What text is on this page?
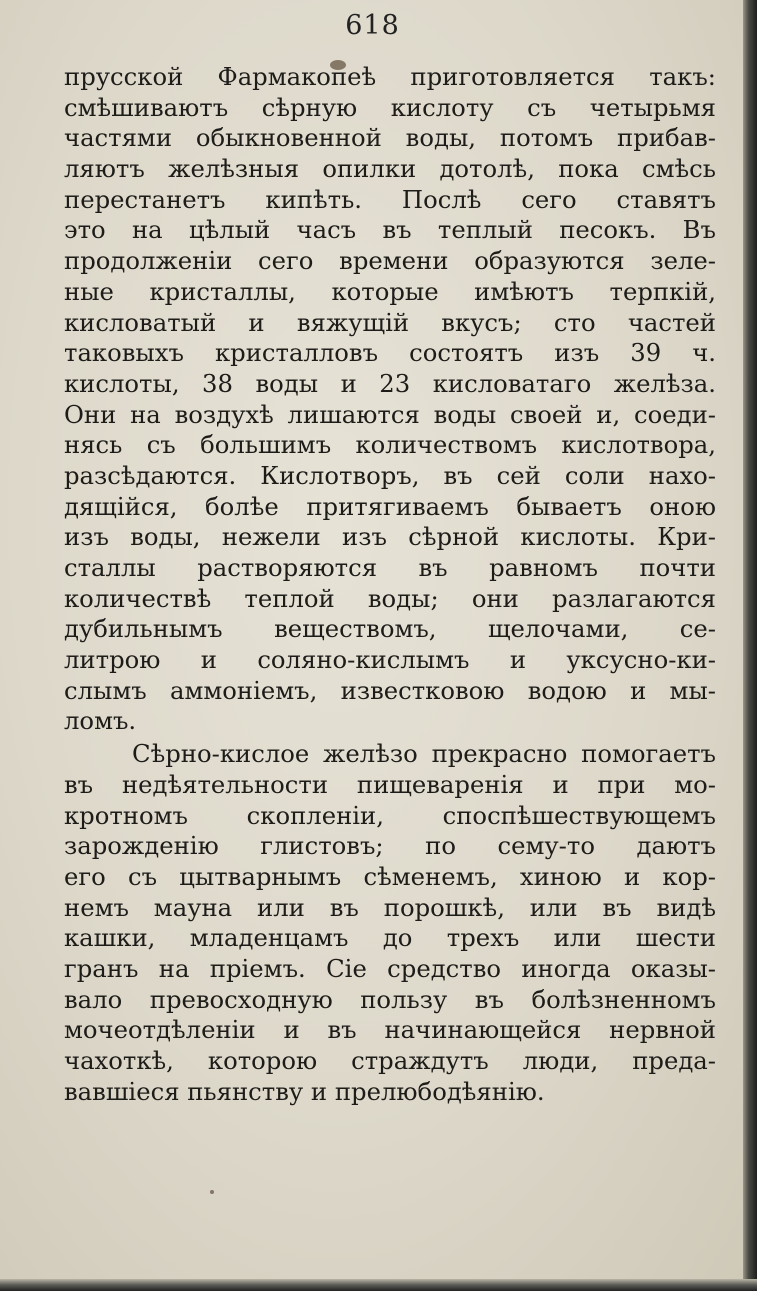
618
прусской Фармакопеѣ приготовляется такъ:
смѣшиваютъ сѣрную кислоту съ четырьмя
частями обыкновенной воды, потомъ прибав-
ляютъ желѣзныя опилки дотолѣ, пока смѣсь
перестанетъ кипѣть. Послѣ сего ставятъ
это на цѣлый часъ въ теплый песокъ. Въ
продолженіи сего времени образуются зеле-
ные кристаллы, которые имѣютъ терпкій,
кисловатый и вяжущій вкусъ; сто частей
таковыхъ кристалловъ состоятъ изъ 39 ч.
кислоты, 38 воды и 23 кисловатаго желѣза.
Они на воздухѣ лишаются воды своей и, соеди-
нясь съ большимъ количествомъ кислотвора,
разсѣдаются. Кислотворъ, въ сей соли нахо-
дящійся, болѣе притягиваемъ бываетъ оною
изъ воды, нежели изъ сѣрной кислоты. Кри-
сталлы растворяются въ равномъ почти
количествѣ теплой воды; они разлагаются
дубильнымъ веществомъ, щелочами, се-
литрою и соляно-кислымъ и уксусно-ки-
слымъ аммоніемъ, известковою водою и мы-
ломъ.
Сѣрно-кислое желѣзо прекрасно помогаетъ
въ недѣятельности пищеваренія и при мо-
кротномъ скопленіи, споспѣшествующемъ
зарожденію глистовъ; по сему-то даютъ
его съ цытварнымъ сѣменемъ, хиною и кор-
немъ мауна или въ порошкѣ, или въ видѣ
кашки, младенцамъ до трехъ или шести
гранъ на пріемъ. Сіе средство иногда оказы-
вало превосходную пользу въ болѣзненномъ
мочеотдѣленіи и въ начинающейся нервной
чахоткѣ, которою страждутъ люди, преда-
вавшіеся пьянству и прелюбодѣянію.
